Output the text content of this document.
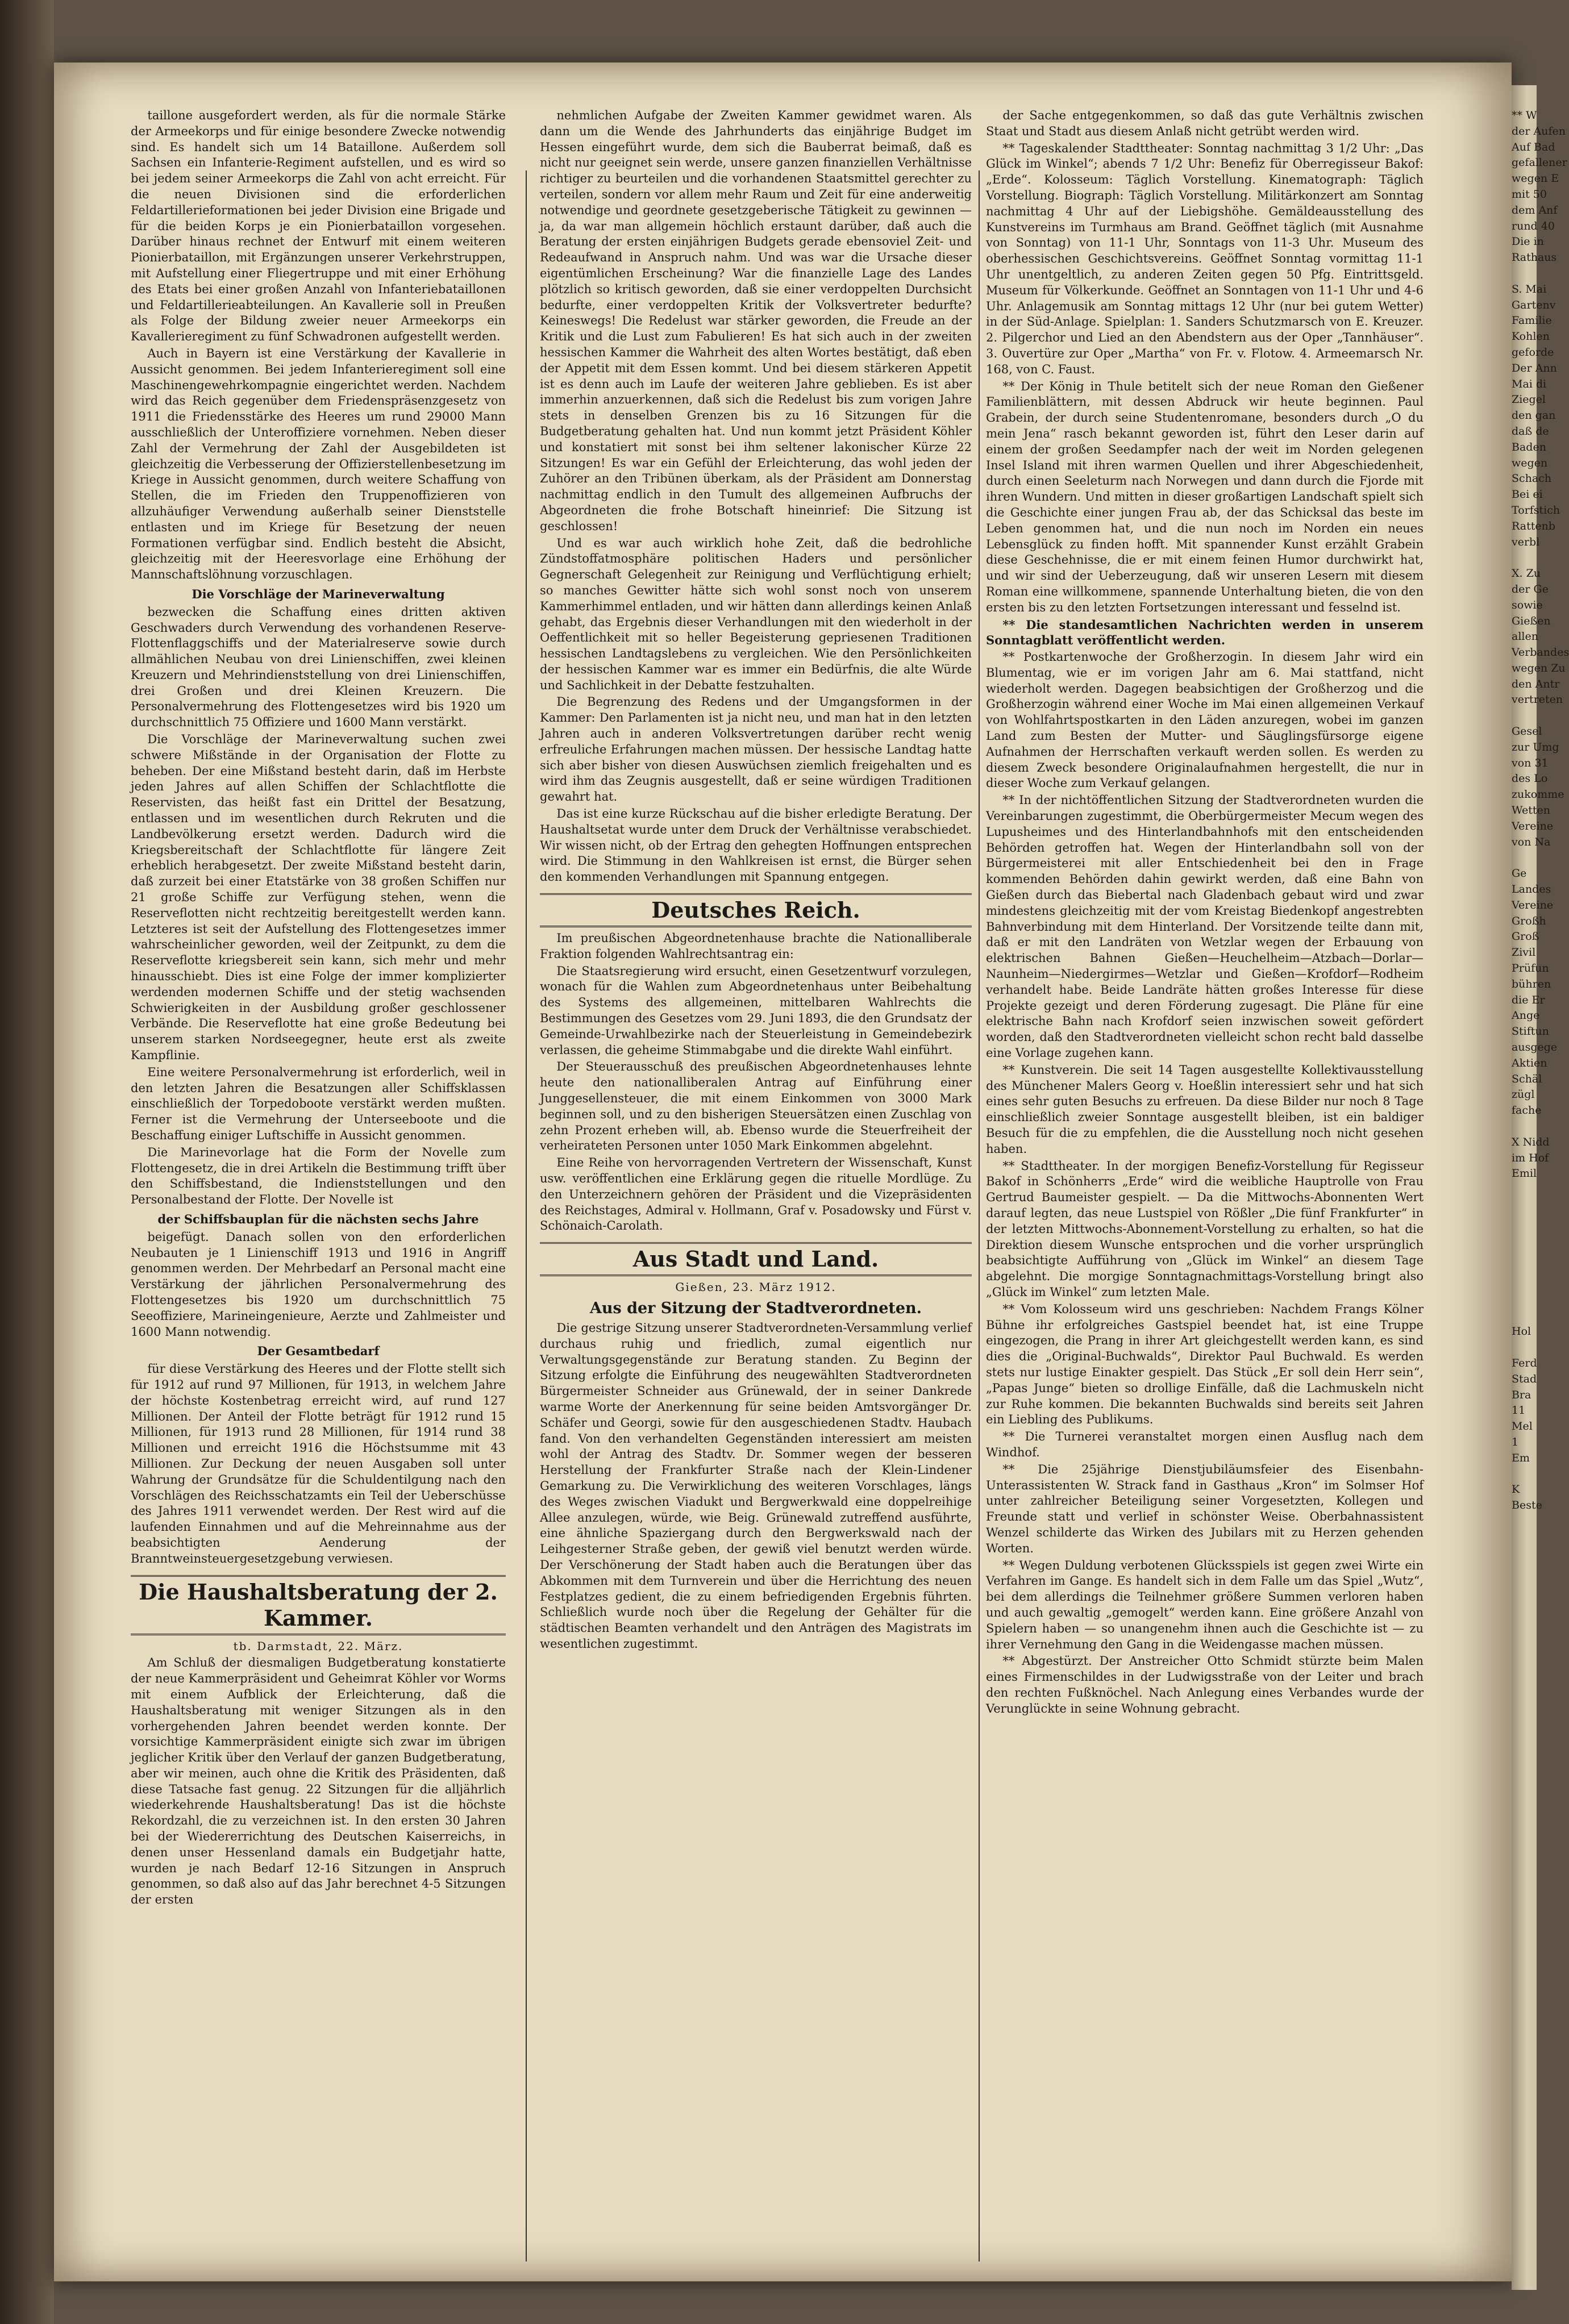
taillone ausgefordert werden, als für die normale Stärke der Armeekorps und für einige besondere Zwecke notwendig sind. Es handelt sich um 14 Bataillone. Außerdem soll Sachsen ein Infanterie-Regiment aufstellen, und es wird so bei jedem seiner Armeekorps die Zahl von acht erreicht. Für die neuen Divisionen sind die erforderlichen Feldartillerieformationen bei jeder Division eine Brigade und für die beiden Korps je ein Pionierbataillon vorgesehen. Darüber hinaus rechnet der Entwurf mit einem weiteren Pionierbataillon, mit Ergänzungen unserer Verkehrstruppen, mit Aufstellung einer Fliegertruppe und mit einer Erhöhung des Etats bei einer großen Anzahl von Infanteriebataillonen und Feldartillerieabteilungen. An Kavallerie soll in Preußen als Folge der Bildung zweier neuer Armeekorps ein Kavallerieregiment zu fünf Schwadronen aufgestellt werden.

Auch in Bayern ist eine Verstärkung der Kavallerie in Aussicht genommen. Bei jedem Infanterieregiment soll eine Maschinengewehrkompagnie eingerichtet werden. Nachdem wird das Reich gegenüber dem Friedenspräsenzgesetz von 1911 die Friedensstärke des Heeres um rund 29000 Mann ausschließlich der Unteroffiziere vornehmen. Neben dieser Zahl der Vermehrung der Zahl der Ausgebildeten ist gleichzeitig die Verbesserung der Offizierstellenbesetzung im Kriege in Aussicht genommen, durch weitere Schaffung von Stellen, die im Frieden den Truppenoffizieren von allzuhäufiger Verwendung außerhalb seiner Dienststelle entlasten und im Kriege für Besetzung der neuen Formationen verfügbar sind. Endlich besteht die Absicht, gleichzeitig mit der Heeresvorlage eine Erhöhung der Mannschaftslöhnung vorzuschlagen.

Die Vorschläge der Marineverwaltung

bezwecken die Schaffung eines dritten aktiven Geschwaders durch Verwendung des vorhandenen Reserve-Flottenflaggschiffs und der Materialreserve sowie durch allmählichen Neubau von drei Linienschiffen, zwei kleinen Kreuzern und Mehrindienststellung von drei Linienschiffen, drei Großen und drei Kleinen Kreuzern. Die Personalvermehrung des Flottengesetzes wird bis 1920 um durchschnittlich 75 Offiziere und 1600 Mann verstärkt.

Die Vorschläge der Marineverwaltung suchen zwei schwere Mißstände in der Organisation der Flotte zu beheben. Der eine Mißstand besteht darin, daß im Herbste jeden Jahres auf allen Schiffen der Schlachtflotte die Reservisten, das heißt fast ein Drittel der Besatzung, entlassen und im wesentlichen durch Rekruten und die Landbevölkerung ersetzt werden. Dadurch wird die Kriegsbereitschaft der Schlachtflotte für längere Zeit erheblich herabgesetzt. Der zweite Mißstand besteht darin, daß zurzeit bei einer Etatstärke von 38 großen Schiffen nur 21 große Schiffe zur Verfügung stehen, wenn die Reserveflotten nicht rechtzeitig bereitgestellt werden kann. Letzteres ist seit der Aufstellung des Flottengesetzes immer wahrscheinlicher geworden, weil der Zeitpunkt, zu dem die Reserveflotte kriegsbereit sein kann, sich mehr und mehr hinausschiebt. Dies ist eine Folge der immer komplizierter werdenden modernen Schiffe und der stetig wachsenden Schwierigkeiten in der Ausbildung großer geschlossener Verbände. Die Reserveflotte hat eine große Bedeutung bei unserem starken Nordseegegner, heute erst als zweite Kampflinie.

Eine weitere Personalvermehrung ist erforderlich, weil in den letzten Jahren die Besatzungen aller Schiffsklassen einschließlich der Torpedoboote verstärkt werden mußten. Ferner ist die Vermehrung der Unterseeboote und die Beschaffung einiger Luftschiffe in Aussicht genommen.

Die Marinevorlage hat die Form der Novelle zum Flottengesetz, die in drei Artikeln die Bestimmung trifft über den Schiffsbestand, die Indienststellungen und den Personalbestand der Flotte. Der Novelle ist

der Schiffsbauplan für die nächsten sechs Jahre

beigefügt. Danach sollen von den erforderlichen Neubauten je 1 Linienschiff 1913 und 1916 in Angriff genommen werden. Der Mehrbedarf an Personal macht eine Verstärkung der jährlichen Personalvermehrung des Flottengesetzes bis 1920 um durchschnittlich 75 Seeoffiziere, Marineingenieure, Aerzte und Zahlmeister und 1600 Mann notwendig.

Der Gesamtbedarf

für diese Verstärkung des Heeres und der Flotte stellt sich für 1912 auf rund 97 Millionen, für 1913, in welchem Jahre der höchste Kostenbetrag erreicht wird, auf rund 127 Millionen. Der Anteil der Flotte beträgt für 1912 rund 15 Millionen, für 1913 rund 28 Millionen, für 1914 rund 38 Millionen und erreicht 1916 die Höchstsumme mit 43 Millionen. Zur Deckung der neuen Ausgaben soll unter Wahrung der Grundsätze für die Schuldentilgung nach den Vorschlägen des Reichsschatzamts ein Teil der Ueberschüsse des Jahres 1911 verwendet werden. Der Rest wird auf die laufenden Einnahmen und auf die Mehreinnahme aus der beabsichtigten Aenderung der Branntweinsteuergesetzgebung verwiesen.

Die Haushaltsberatung der 2. Kammer.

tb. Darmstadt, 22. März.

Am Schluß der diesmaligen Budgetberatung konstatierte der neue Kammerpräsident und Geheimrat Köhler vor Worms mit einem Aufblick der Erleichterung, daß die Haushaltsberatung mit weniger Sitzungen als in den vorhergehenden Jahren beendet werden konnte. Der vorsichtige Kammerpräsident einigte sich zwar im übrigen jeglicher Kritik über den Verlauf der ganzen Budgetberatung, aber wir meinen, auch ohne die Kritik des Präsidenten, daß diese Tatsache fast genug. 22 Sitzungen für die alljährlich wiederkehrende Haushaltsberatung! Das ist die höchste Rekordzahl, die zu verzeichnen ist. In den ersten 30 Jahren bei der Wiedererrichtung des Deutschen Kaiserreichs, in denen unser Hessenland damals ein Budgetjahr hatte, wurden je nach Bedarf 12-16 Sitzungen in Anspruch genommen, so daß also auf das Jahr berechnet 4-5 Sitzungen der ersten

nehmlichen Aufgabe der Zweiten Kammer gewidmet waren. Als dann um die Wende des Jahrhunderts das einjährige Budget im Hessen eingeführt wurde, dem sich die Bauberrat beimaß, daß es nicht nur geeignet sein werde, unsere ganzen finanziellen Verhältnisse richtiger zu beurteilen und die vorhandenen Staatsmittel gerechter zu verteilen, sondern vor allem mehr Raum und Zeit für eine anderweitig notwendige und geordnete gesetzgeberische Tätigkeit zu gewinnen — ja, da war man allgemein höchlich erstaunt darüber, daß auch die Beratung der ersten einjährigen Budgets gerade ebensoviel Zeit- und Redeaufwand in Anspruch nahm. Und was war die Ursache dieser eigentümlichen Erscheinung? War die finanzielle Lage des Landes plötzlich so kritisch geworden, daß sie einer verdoppelten Durchsicht bedurfte, einer verdoppelten Kritik der Volksvertreter bedurfte? Keineswegs! Die Redelust war stärker geworden, die Freude an der Kritik und die Lust zum Fabulieren! Es hat sich auch in der zweiten hessischen Kammer die Wahrheit des alten Wortes bestätigt, daß eben der Appetit mit dem Essen kommt. Und bei diesem stärkeren Appetit ist es denn auch im Laufe der weiteren Jahre geblieben. Es ist aber immerhin anzuerkennen, daß sich die Redelust bis zum vorigen Jahre stets in denselben Grenzen bis zu 16 Sitzungen für die Budgetberatung gehalten hat. Und nun kommt jetzt Präsident Köhler und konstatiert mit sonst bei ihm seltener lakonischer Kürze 22 Sitzungen! Es war ein Gefühl der Erleichterung, das wohl jeden der Zuhörer an den Tribünen überkam, als der Präsident am Donnerstag nachmittag endlich in den Tumult des allgemeinen Aufbruchs der Abgeordneten die frohe Botschaft hineinrief: Die Sitzung ist geschlossen!

Und es war auch wirklich hohe Zeit, daß die bedrohliche Zündstoffatmosphäre politischen Haders und persönlicher Gegnerschaft Gelegenheit zur Reinigung und Verflüchtigung erhielt; so manches Gewitter hätte sich wohl sonst noch von unserem Kammerhimmel entladen, und wir hätten dann allerdings keinen Anlaß gehabt, das Ergebnis dieser Verhandlungen mit den wiederholt in der Oeffentlichkeit mit so heller Begeisterung gepriesenen Traditionen hessischen Landtagslebens zu vergleichen. Wie den Persönlichkeiten der hessischen Kammer war es immer ein Bedürfnis, die alte Würde und Sachlichkeit in der Debatte festzuhalten.

Die Begrenzung des Redens und der Umgangsformen in der Kammer: Den Parlamenten ist ja nicht neu, und man hat in den letzten Jahren auch in anderen Volksvertretungen darüber recht wenig erfreuliche Erfahrungen machen müssen. Der hessische Landtag hatte sich aber bisher von diesen Auswüchsen ziemlich freigehalten und es wird ihm das Zeugnis ausgestellt, daß er seine würdigen Traditionen gewahrt hat.

Das ist eine kurze Rückschau auf die bisher erledigte Beratung. Der Haushaltsetat wurde unter dem Druck der Verhältnisse verabschiedet. Wir wissen nicht, ob der Ertrag den gehegten Hoffnungen entsprechen wird. Die Stimmung in den Wahlkreisen ist ernst, die Bürger sehen den kommenden Verhandlungen mit Spannung entgegen.

Deutsches Reich.

Im preußischen Abgeordnetenhause brachte die Nationalliberale Fraktion folgenden Wahlrechtsantrag ein:

Die Staatsregierung wird ersucht, einen Gesetzentwurf vorzulegen, wonach für die Wahlen zum Abgeordnetenhaus unter Beibehaltung des Systems des allgemeinen, mittelbaren Wahlrechts die Bestimmungen des Gesetzes vom 29. Juni 1893, die den Grundsatz der Gemeinde-Urwahlbezirke nach der Steuerleistung in Gemeindebezirk verlassen, die geheime Stimmabgabe und die direkte Wahl einführt.

Der Steuerausschuß des preußischen Abgeordnetenhauses lehnte heute den nationalliberalen Antrag auf Einführung einer Junggesellensteuer, die mit einem Einkommen von 3000 Mark beginnen soll, und zu den bisherigen Steuersätzen einen Zuschlag von zehn Prozent erheben will, ab. Ebenso wurde die Steuerfreiheit der verheirateten Personen unter 1050 Mark Einkommen abgelehnt.

Eine Reihe von hervorragenden Vertretern der Wissenschaft, Kunst usw. veröffentlichen eine Erklärung gegen die rituelle Mordlüge. Zu den Unterzeichnern gehören der Präsident und die Vizepräsidenten des Reichstages, Admiral v. Hollmann, Graf v. Posadowsky und Fürst v. Schönaich-Carolath.

Aus Stadt und Land.

Gießen, 23. März 1912.

Aus der Sitzung der Stadtverordneten.

Die gestrige Sitzung unserer Stadtverordneten-Versammlung verlief durchaus ruhig und friedlich, zumal eigentlich nur Verwaltungsgegenstände zur Beratung standen. Zu Beginn der Sitzung erfolgte die Einführung des neugewählten Stadtverordneten Bürgermeister Schneider aus Grünewald, der in seiner Dankrede warme Worte der Anerkennung für seine beiden Amtsvorgänger Dr. Schäfer und Georgi, sowie für den ausgeschiedenen Stadtv. Haubach fand. Von den verhandelten Gegenständen interessiert am meisten wohl der Antrag des Stadtv. Dr. Sommer wegen der besseren Herstellung der Frankfurter Straße nach der Klein-Lindener Gemarkung zu. Die Verwirklichung des weiteren Vorschlages, längs des Weges zwischen Viadukt und Bergwerkwald eine doppelreihige Allee anzulegen, würde, wie Beig. Grünewald zutreffend ausführte, eine ähnliche Spaziergang durch den Bergwerkswald nach der Leihgesterner Straße geben, der gewiß viel benutzt werden würde. Der Verschönerung der Stadt haben auch die Beratungen über das Abkommen mit dem Turnverein und über die Herrichtung des neuen Festplatzes gedient, die zu einem befriedigenden Ergebnis führten. Schließlich wurde noch über die Regelung der Gehälter für die städtischen Beamten verhandelt und den Anträgen des Magistrats im wesentlichen zugestimmt.

der Sache entgegenkommen, so daß das gute Verhältnis zwischen Staat und Stadt aus diesem Anlaß nicht getrübt werden wird.

** Tageskalender Stadttheater: Sonntag nachmittag 3 1/2 Uhr: „Das Glück im Winkel“; abends 7 1/2 Uhr: Benefiz für Oberregisseur Bakof: „Erde“. Kolosseum: Täglich Vorstellung. Kinematograph: Täglich Vorstellung. Biograph: Täglich Vorstellung. Militärkonzert am Sonntag nachmittag 4 Uhr auf der Liebigshöhe. Gemäldeausstellung des Kunstvereins im Turmhaus am Brand. Geöffnet täglich (mit Ausnahme von Sonntag) von 11-1 Uhr, Sonntags von 11-3 Uhr. Museum des oberhessischen Geschichtsvereins. Geöffnet Sonntag vormittag 11-1 Uhr unentgeltlich, zu anderen Zeiten gegen 50 Pfg. Eintrittsgeld. Museum für Völkerkunde. Geöffnet an Sonntagen von 11-1 Uhr und 4-6 Uhr. Anlagemusik am Sonntag mittags 12 Uhr (nur bei gutem Wetter) in der Süd-Anlage. Spielplan: 1. Sanders Schutzmarsch von E. Kreuzer. 2. Pilgerchor und Lied an den Abendstern aus der Oper „Tannhäuser“. 3. Ouvertüre zur Oper „Martha“ von Fr. v. Flotow. 4. Armeemarsch Nr. 168, von C. Faust.

** Der König in Thule betitelt sich der neue Roman den Gießener Familienblättern, mit dessen Abdruck wir heute beginnen. Paul Grabein, der durch seine Studentenromane, besonders durch „O du mein Jena“ rasch bekannt geworden ist, führt den Leser darin auf einem der großen Seedampfer nach der weit im Norden gelegenen Insel Island mit ihren warmen Quellen und ihrer Abgeschiedenheit, durch einen Seeleturm nach Norwegen und dann durch die Fjorde mit ihren Wundern. Und mitten in dieser großartigen Landschaft spielt sich die Geschichte einer jungen Frau ab, der das Schicksal das beste im Leben genommen hat, und die nun noch im Norden ein neues Lebensglück zu finden hofft. Mit spannender Kunst erzählt Grabein diese Geschehnisse, die er mit einem feinen Humor durchwirkt hat, und wir sind der Ueberzeugung, daß wir unseren Lesern mit diesem Roman eine willkommene, spannende Unterhaltung bieten, die von den ersten bis zu den letzten Fortsetzungen interessant und fesselnd ist.

** Die standesamtlichen Nachrichten werden in unserem Sonntagblatt veröffentlicht werden.

** Postkartenwoche der Großherzogin. In diesem Jahr wird ein Blumentag, wie er im vorigen Jahr am 6. Mai stattfand, nicht wiederholt werden. Dagegen beabsichtigen der Großherzog und die Großherzogin während einer Woche im Mai einen allgemeinen Verkauf von Wohlfahrtspostkarten in den Läden anzuregen, wobei im ganzen Land zum Besten der Mutter- und Säuglingsfürsorge eigene Aufnahmen der Herrschaften verkauft werden sollen. Es werden zu diesem Zweck besondere Originalaufnahmen hergestellt, die nur in dieser Woche zum Verkauf gelangen.

** In der nichtöffentlichen Sitzung der Stadtverordneten wurden die Vereinbarungen zugestimmt, die Oberbürgermeister Mecum wegen des Lupusheimes und des Hinterlandbahnhofs mit den entscheidenden Behörden getroffen hat. Wegen der Hinterlandbahn soll von der Bürgermeisterei mit aller Entschiedenheit bei den in Frage kommenden Behörden dahin gewirkt werden, daß eine Bahn von Gießen durch das Biebertal nach Gladenbach gebaut wird und zwar mindestens gleichzeitig mit der vom Kreistag Biedenkopf angestrebten Bahnverbindung mit dem Hinterland. Der Vorsitzende teilte dann mit, daß er mit den Landräten von Wetzlar wegen der Erbauung von elektrischen Bahnen Gießen—Heuchelheim—Atzbach—Dorlar—Naunheim—Niedergirmes—Wetzlar und Gießen—Krofdorf—Rodheim verhandelt habe. Beide Landräte hätten großes Interesse für diese Projekte gezeigt und deren Förderung zugesagt. Die Pläne für eine elektrische Bahn nach Krofdorf seien inzwischen soweit gefördert worden, daß den Stadtverordneten vielleicht schon recht bald dasselbe eine Vorlage zugehen kann.

** Kunstverein. Die seit 14 Tagen ausgestellte Kollektivausstellung des Münchener Malers Georg v. Hoeßlin interessiert sehr und hat sich eines sehr guten Besuchs zu erfreuen. Da diese Bilder nur noch 8 Tage einschließlich zweier Sonntage ausgestellt bleiben, ist ein baldiger Besuch für die zu empfehlen, die die Ausstellung noch nicht gesehen haben.

** Stadttheater. In der morgigen Benefiz-Vorstellung für Regisseur Bakof in Schönherrs „Erde“ wird die weibliche Hauptrolle von Frau Gertrud Baumeister gespielt. — Da die Mittwochs-Abonnenten Wert darauf legten, das neue Lustspiel von Rößler „Die fünf Frankfurter“ in der letzten Mittwochs-Abonnement-Vorstellung zu erhalten, so hat die Direktion diesem Wunsche entsprochen und die vorher ursprünglich beabsichtigte Aufführung von „Glück im Winkel“ an diesem Tage abgelehnt. Die morgige Sonntagnachmittags-Vorstellung bringt also „Glück im Winkel“ zum letzten Male.

** Vom Kolosseum wird uns geschrieben: Nachdem Frangs Kölner Bühne ihr erfolgreiches Gastspiel beendet hat, ist eine Truppe eingezogen, die Prang in ihrer Art gleichgestellt werden kann, es sind dies die „Original-Buchwalds“, Direktor Paul Buchwald. Es werden stets nur lustige Einakter gespielt. Das Stück „Er soll dein Herr sein“, „Papas Junge“ bieten so drollige Einfälle, daß die Lachmuskeln nicht zur Ruhe kommen. Die bekannten Buchwalds sind bereits seit Jahren ein Liebling des Publikums.

** Die Turnerei veranstaltet morgen einen Ausflug nach dem Windhof.

** Die 25jährige Dienstjubiläumsfeier des Eisenbahn-Unterassistenten W. Strack fand in Gasthaus „Kron“ im Solmser Hof unter zahlreicher Beteiligung seiner Vorgesetzten, Kollegen und Freunde statt und verlief in schönster Weise. Oberbahnassistent Wenzel schilderte das Wirken des Jubilars mit zu Herzen gehenden Worten.

** Wegen Duldung verbotenen Glücksspiels ist gegen zwei Wirte ein Verfahren im Gange. Es handelt sich in dem Falle um das Spiel „Wutz“, bei dem allerdings die Teilnehmer größere Summen verloren haben und auch gewaltig „gemogelt“ werden kann. Eine größere Anzahl von Spielern haben — so unangenehm ihnen auch die Geschichte ist — zu ihrer Vernehmung den Gang in die Weidengasse machen müssen.

** Abgestürzt. Der Anstreicher Otto Schmidt stürzte beim Malen eines Firmenschildes in der Ludwigsstraße von der Leiter und brach den rechten Fußknöchel. Nach Anlegung eines Verbandes wurde der Verunglückte in seine Wohnung gebracht.

** W
der Aufen
Auf Bad
gefallener
wegen E
mit 50
dem Anf
rund 40
Die in
Rathaus

S. Mai
Gartenv
Familie
Kohlen
geforde
Der Ann
Mai di
Ziegel
den gan
daß de
Baden
wegen
Schach
Bei ei
Torfstich
Rattenb
verbl

X. Zu
der Ge
sowie
Gießen
allen
Verbandes
wegen Zu
den Antr
vertreten

Gesel
zur Umg
von 31
des Lo
zukomme
Wetten
Vereine
von Na

Ge
Landes
Vereine
Großh
Groß
Zivil
Prüfun
bühren
die Er
Ange
Stiftun
ausgege
Aktien
Schäl
zügl
fache

X Nidd
im Hof
Emil

Hol

Ferd
Stad
Bra
11
Mel
1
Em

K
Beste
